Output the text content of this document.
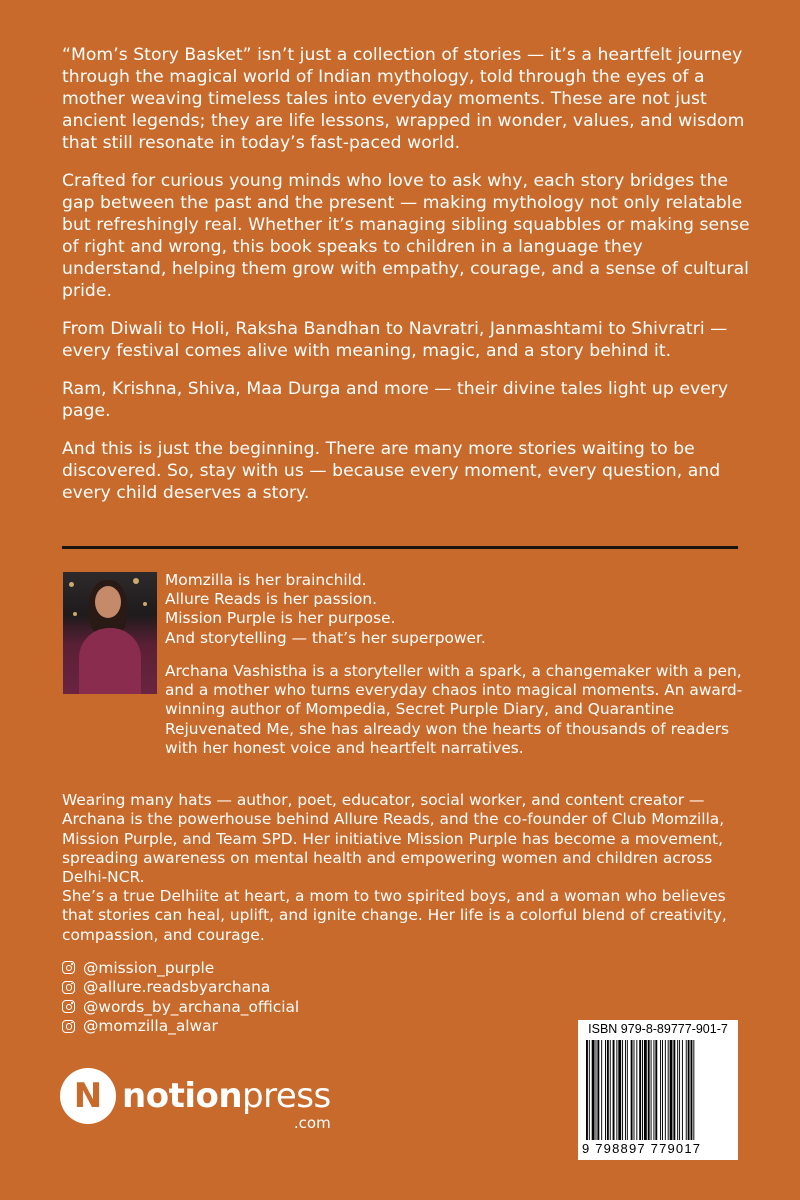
“Mom’s Story Basket” isn’t just a collection of stories — it’s a heartfelt journey through the magical world of Indian mythology, told through the eyes of a mother weaving timeless tales into everyday moments. These are not just ancient legends; they are life lessons, wrapped in wonder, values, and wisdom that still resonate in today’s fast-paced world.

Crafted for curious young minds who love to ask why, each story bridges the gap between the past and the present — making mythology not only relatable but refreshingly real. Whether it’s managing sibling squabbles or making sense of right and wrong, this book speaks to children in a language they understand, helping them grow with empathy, courage, and a sense of cultural pride.

From Diwali to Holi, Raksha Bandhan to Navratri, Janmashtami to Shivratri — every festival comes alive with meaning, magic, and a story behind it.

Ram, Krishna, Shiva, Maa Durga and more — their divine tales light up every page.

And this is just the beginning. There are many more stories waiting to be discovered. So, stay with us — because every moment, every question, and every child deserves a story.

Momzilla is her brainchild.
Allure Reads is her passion.
Mission Purple is her purpose.
And storytelling — that’s her superpower.

Archana Vashistha is a storyteller with a spark, a changemaker with a pen, and a mother who turns everyday chaos into magical moments. An award-winning author of Mompedia, Secret Purple Diary, and Quarantine Rejuvenated Me, she has already won the hearts of thousands of readers with her honest voice and heartfelt narratives.

Wearing many hats — author, poet, educator, social worker, and content creator — Archana is the powerhouse behind Allure Reads, and the co-founder of Club Momzilla, Mission Purple, and Team SPD. Her initiative Mission Purple has become a movement, spreading awareness on mental health and empowering women and children across Delhi-NCR.

She’s a true Delhiite at heart, a mom to two spirited boys, and a woman who believes that stories can heal, uplift, and ignite change. Her life is a colorful blend of creativity, compassion, and courage.

@mission_purple
@allure.readsbyarchana
@words_by_archana_official
@momzilla_alwar
N notionpress
.com
ISBN 979-8-89777-901-7
9 798897 779017
